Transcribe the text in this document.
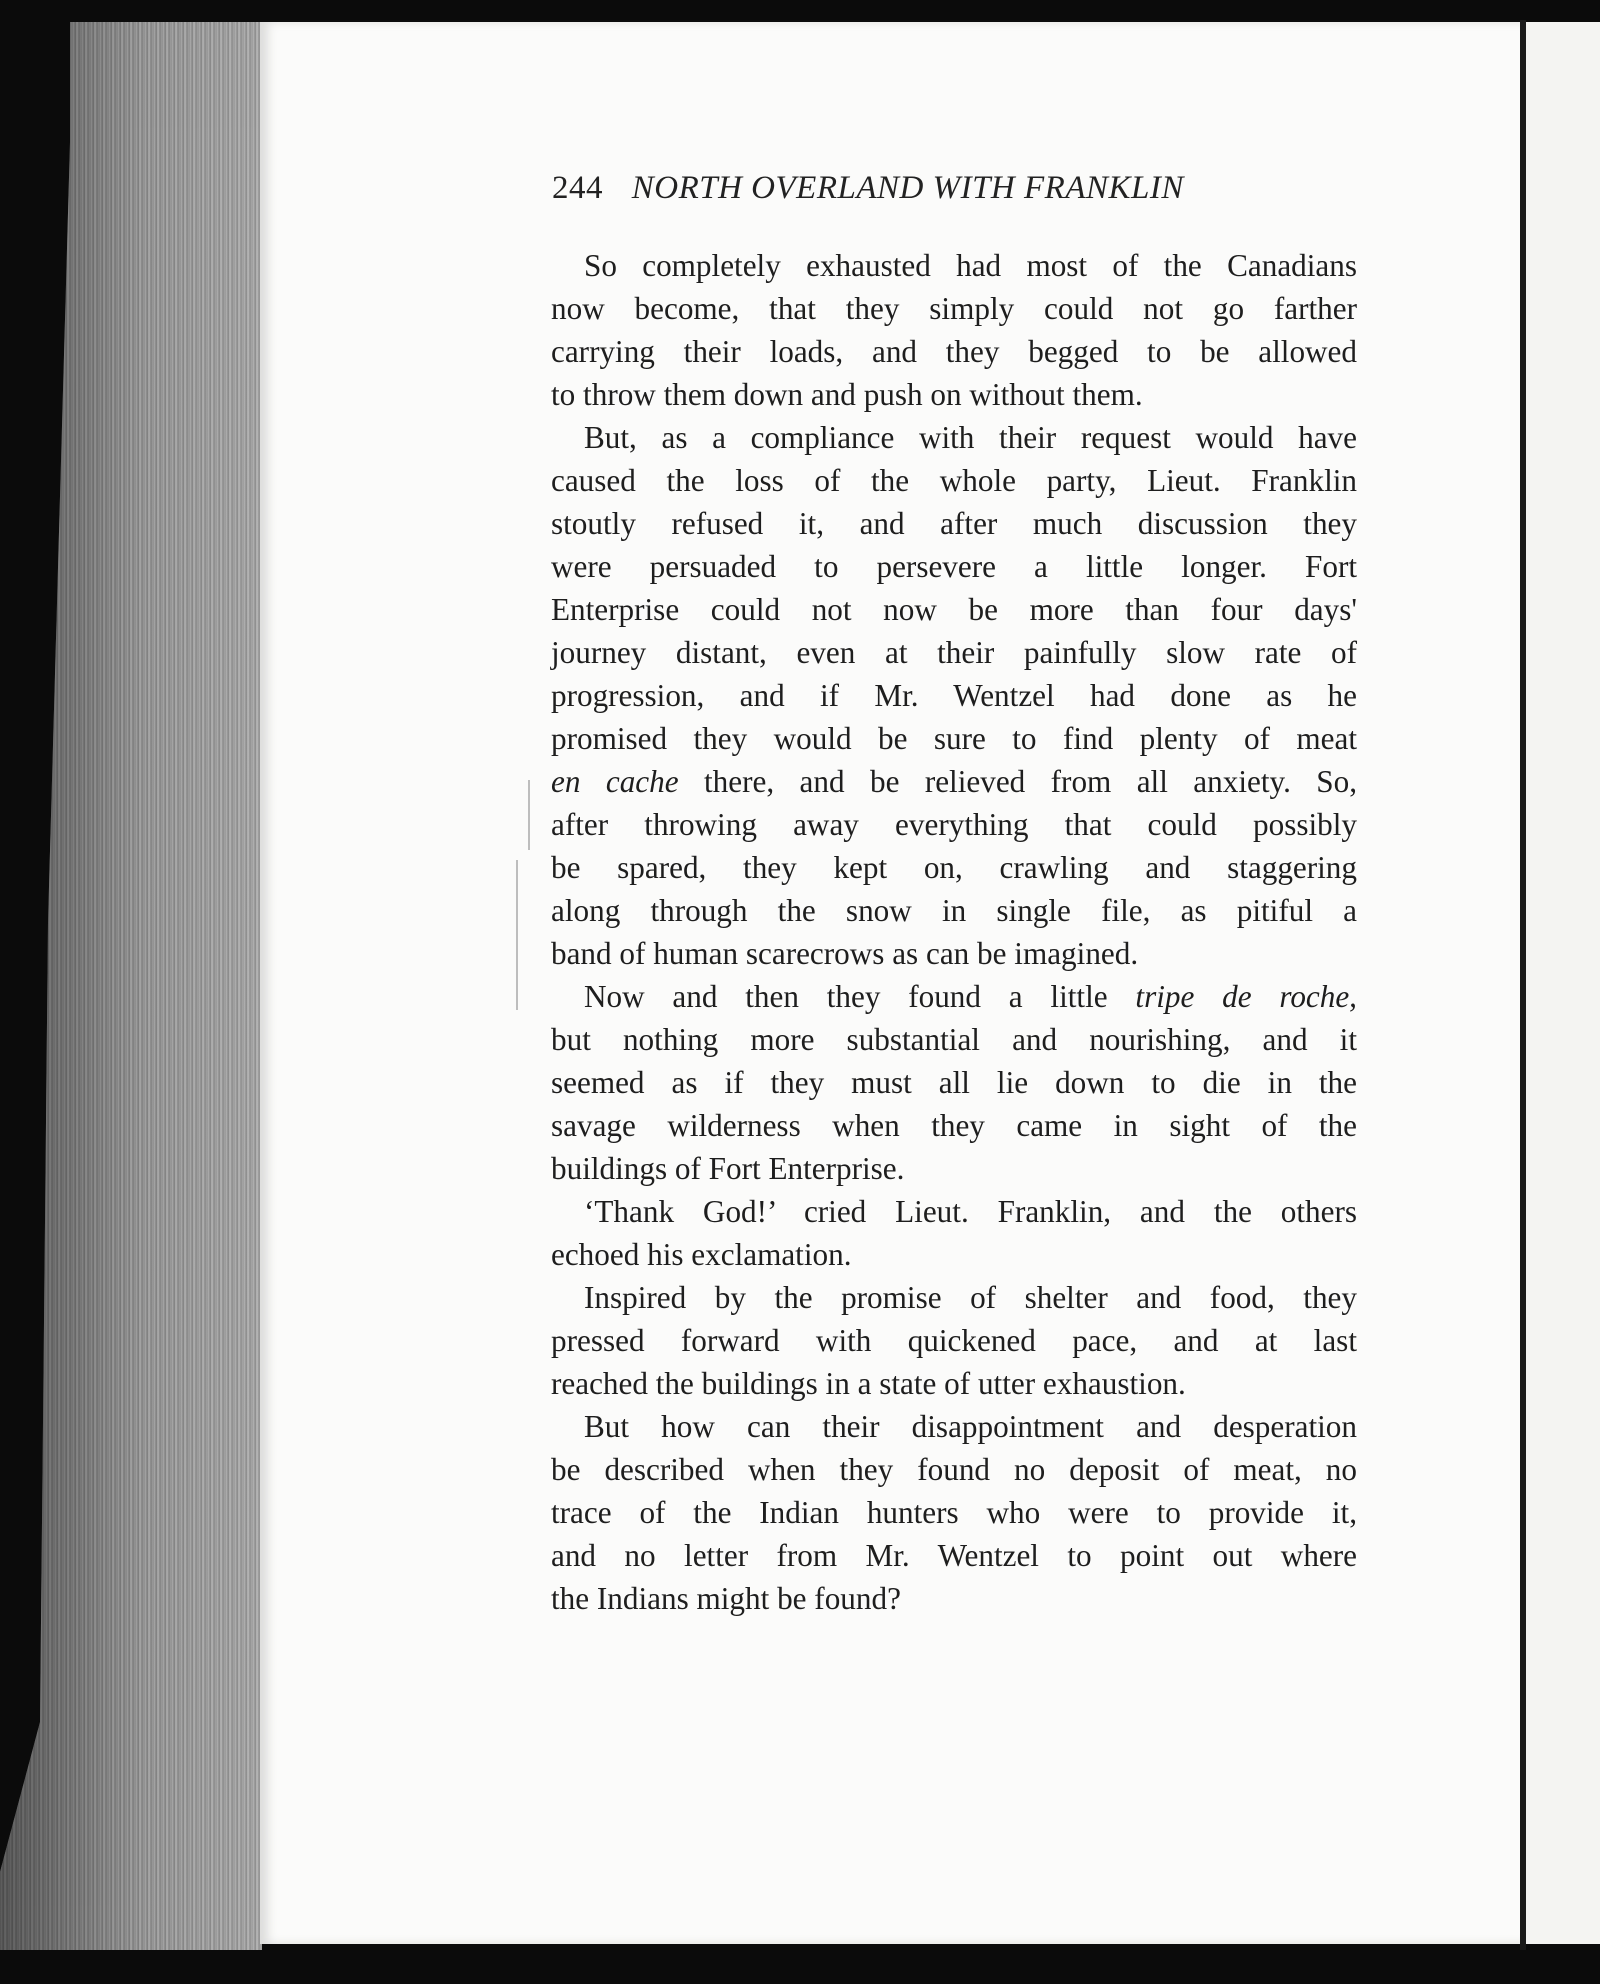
244 NORTH OVERLAND WITH FRANKLIN
So completely exhausted had most of the Canadians
now become, that they simply could not go farther
carrying their loads, and they begged to be allowed
to throw them down and push on without them.
But, as a compliance with their request would have
caused the loss of the whole party, Lieut. Franklin
stoutly refused it, and after much discussion they
were persuaded to persevere a little longer. Fort
Enterprise could not now be more than four days'
journey distant, even at their painfully slow rate of
progression, and if Mr. Wentzel had done as he
promised they would be sure to find plenty of meat
en cache there, and be relieved from all anxiety. So,
after throwing away everything that could possibly
be spared, they kept on, crawling and staggering
along through the snow in single file, as pitiful a
band of human scarecrows as can be imagined.
Now and then they found a little tripe de roche,
but nothing more substantial and nourishing, and it
seemed as if they must all lie down to die in the
savage wilderness when they came in sight of the
buildings of Fort Enterprise.
‘Thank God!’ cried Lieut. Franklin, and the others
echoed his exclamation.
Inspired by the promise of shelter and food, they
pressed forward with quickened pace, and at last
reached the buildings in a state of utter exhaustion.
But how can their disappointment and desperation
be described when they found no deposit of meat, no
trace of the Indian hunters who were to provide it,
and no letter from Mr. Wentzel to point out where
the Indians might be found?
